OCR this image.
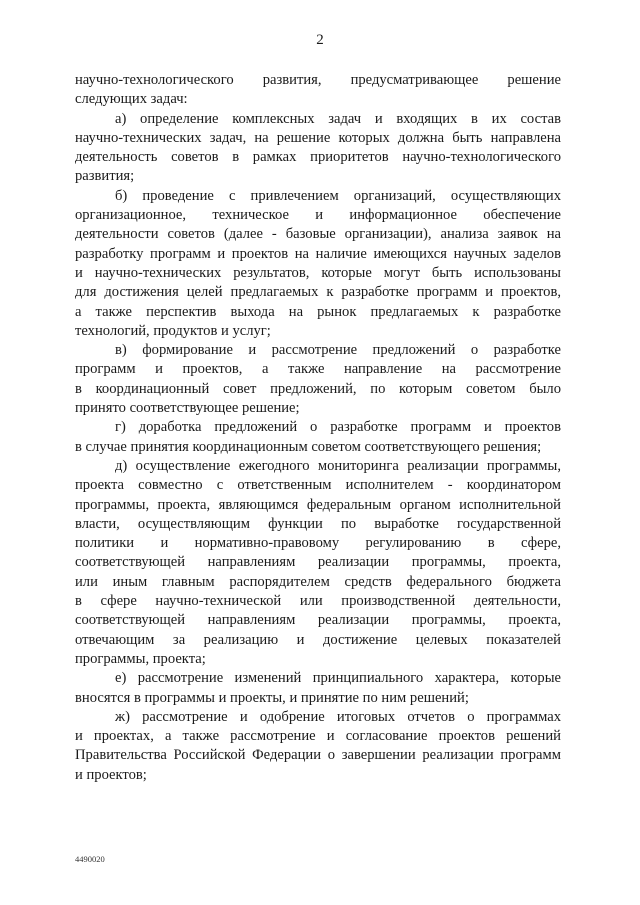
2
научно-технологического развития, предусматривающее решение
следующих задач:
а) определение комплексных задач и входящих в их состав
научно-технических задач, на решение которых должна быть направлена
деятельность советов в рамках приоритетов научно-технологического
развития;
б) проведение с привлечением организаций, осуществляющих
организационное, техническое и информационное обеспечение
деятельности советов (далее - базовые организации), анализа заявок на
разработку программ и проектов на наличие имеющихся научных заделов
и научно-технических результатов, которые могут быть использованы
для достижения целей предлагаемых к разработке программ и проектов,
а также перспектив выхода на рынок предлагаемых к разработке
технологий, продуктов и услуг;
в) формирование и рассмотрение предложений о разработке
программ и проектов, а также направление на рассмотрение
в координационный совет предложений, по которым советом было
принято соответствующее решение;
г) доработка предложений о разработке программ и проектов
в случае принятия координационным советом соответствующего решения;
д) осуществление ежегодного мониторинга реализации программы,
проекта совместно с ответственным исполнителем - координатором
программы, проекта, являющимся федеральным органом исполнительной
власти, осуществляющим функции по выработке государственной
политики и нормативно-правовому регулированию в сфере,
соответствующей направлениям реализации программы, проекта,
или иным главным распорядителем средств федерального бюджета
в сфере научно-технической или производственной деятельности,
соответствующей направлениям реализации программы, проекта,
отвечающим за реализацию и достижение целевых показателей
программы, проекта;
е) рассмотрение изменений принципиального характера, которые
вносятся в программы и проекты, и принятие по ним решений;
ж) рассмотрение и одобрение итоговых отчетов о программах
и проектах, а также рассмотрение и согласование проектов решений
Правительства Российской Федерации о завершении реализации программ
и проектов;
4490020
